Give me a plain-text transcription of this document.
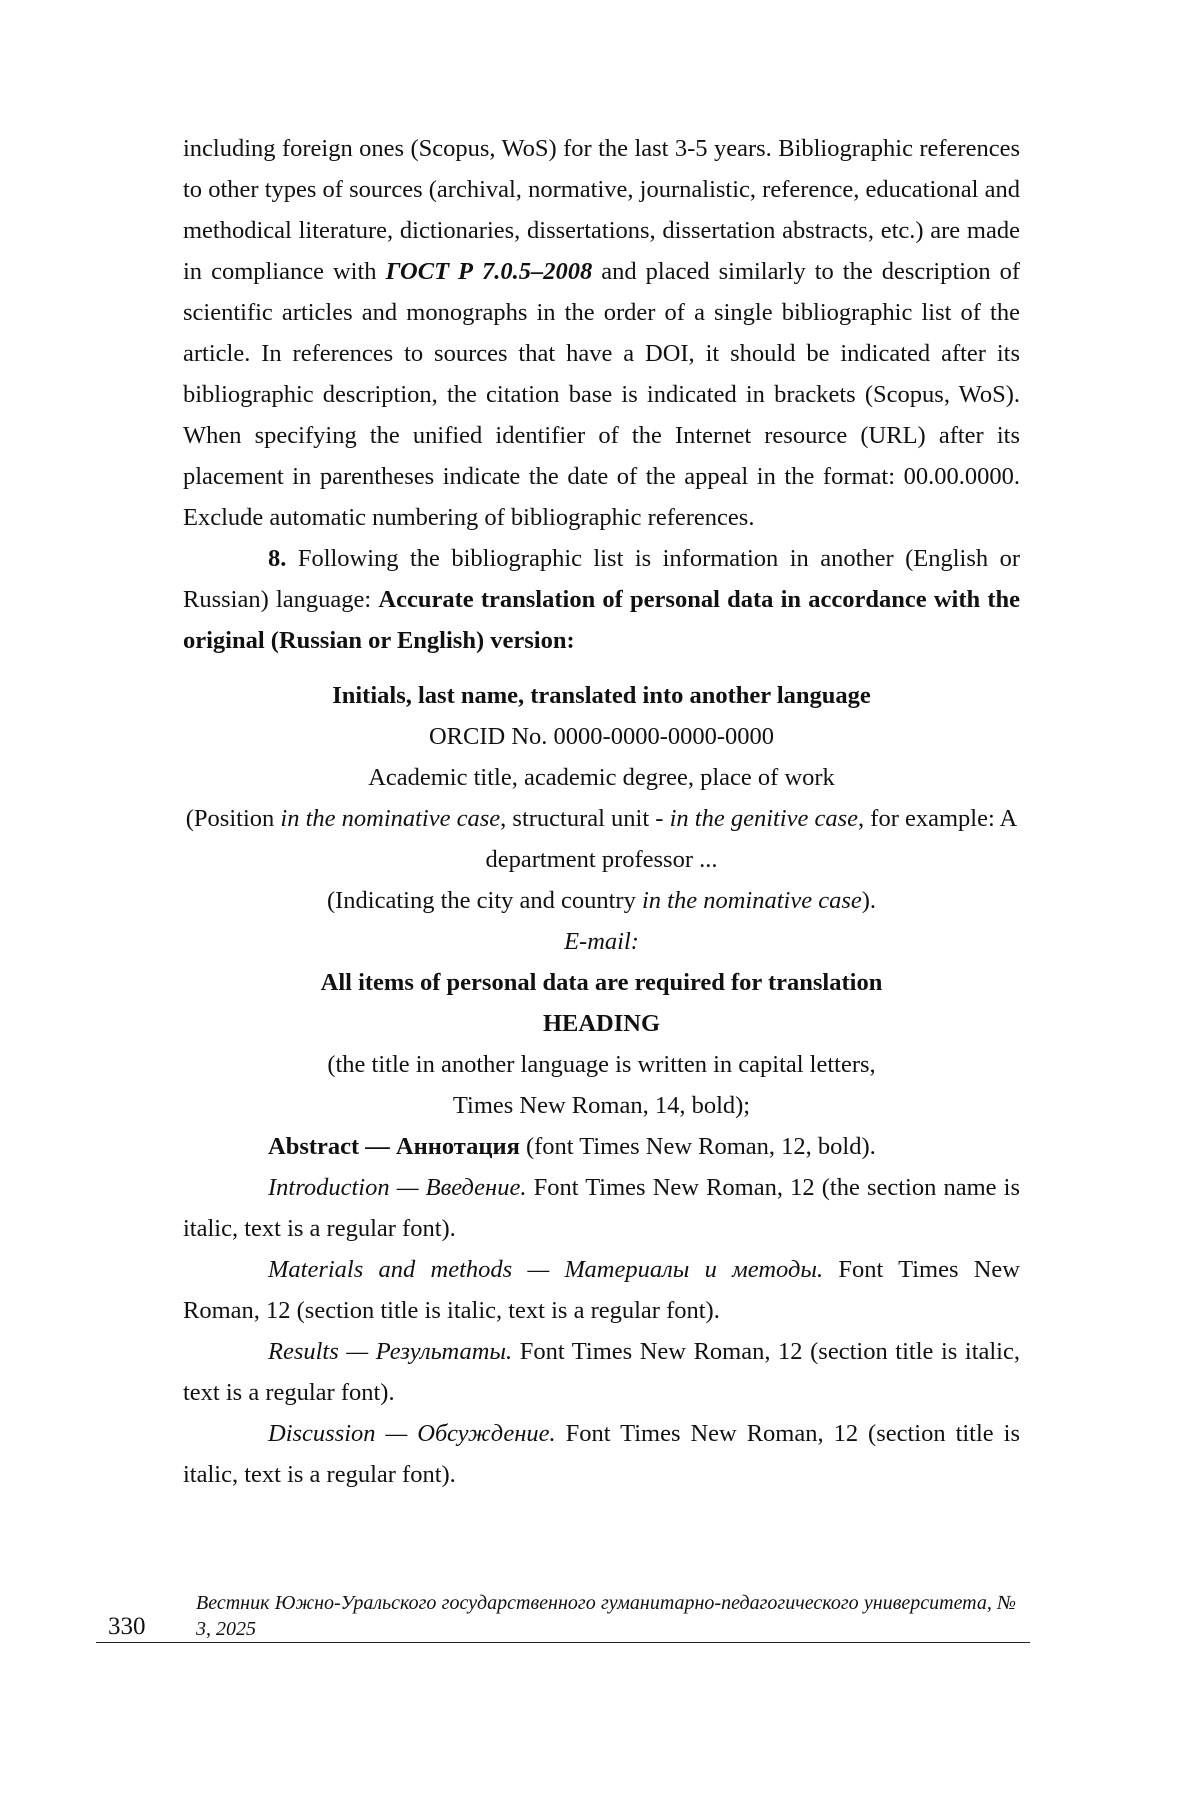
including foreign ones (Scopus, WoS) for the last 3-5 years. Bibliographic references to other types of sources (archival, normative, journalistic, reference, educational and methodical literature, dictionaries, dissertations, dissertation abstracts, etc.) are made in compliance with ГОСТ Р 7.0.5–2008 and placed similarly to the description of scientific articles and monographs in the order of a single bibliographic list of the article. In references to sources that have a DOI, it should be indicated after its bibliographic description, the citation base is indicated in brackets (Scopus, WoS). When specifying the unified identifier of the Internet resource (URL) after its placement in parentheses indicate the date of the appeal in the format: 00.00.0000. Exclude automatic numbering of bibliographic references.

8. Following the bibliographic list is information in another (English or Russian) language: Accurate translation of personal data in accordance with the original (Russian or English) version:

Initials, last name, translated into another language

ORCID No. 0000-0000-0000-0000

Academic title, academic degree, place of work

(Position in the nominative case, structural unit - in the genitive case, for example: A department professor ...

(Indicating the city and country in the nominative case).

E-mail:

All items of personal data are required for translation

HEADING

(the title in another language is written in capital letters,

Times New Roman, 14, bold);

Abstract — Аннотация (font Times New Roman, 12, bold).

Introduction — Введение. Font Times New Roman, 12 (the section name is italic, text is a regular font).

Materials and methods — Материалы и методы. Font Times New Roman, 12 (section title is italic, text is a regular font).

Results — Результаты. Font Times New Roman, 12 (section title is italic, text is a regular font).

Discussion — Обсуждение. Font Times New Roman, 12 (section title is italic, text is a regular font).

330
Вестник Южно-Уральского государственного гуманитарно-педагогического университета, № 3, 2025
